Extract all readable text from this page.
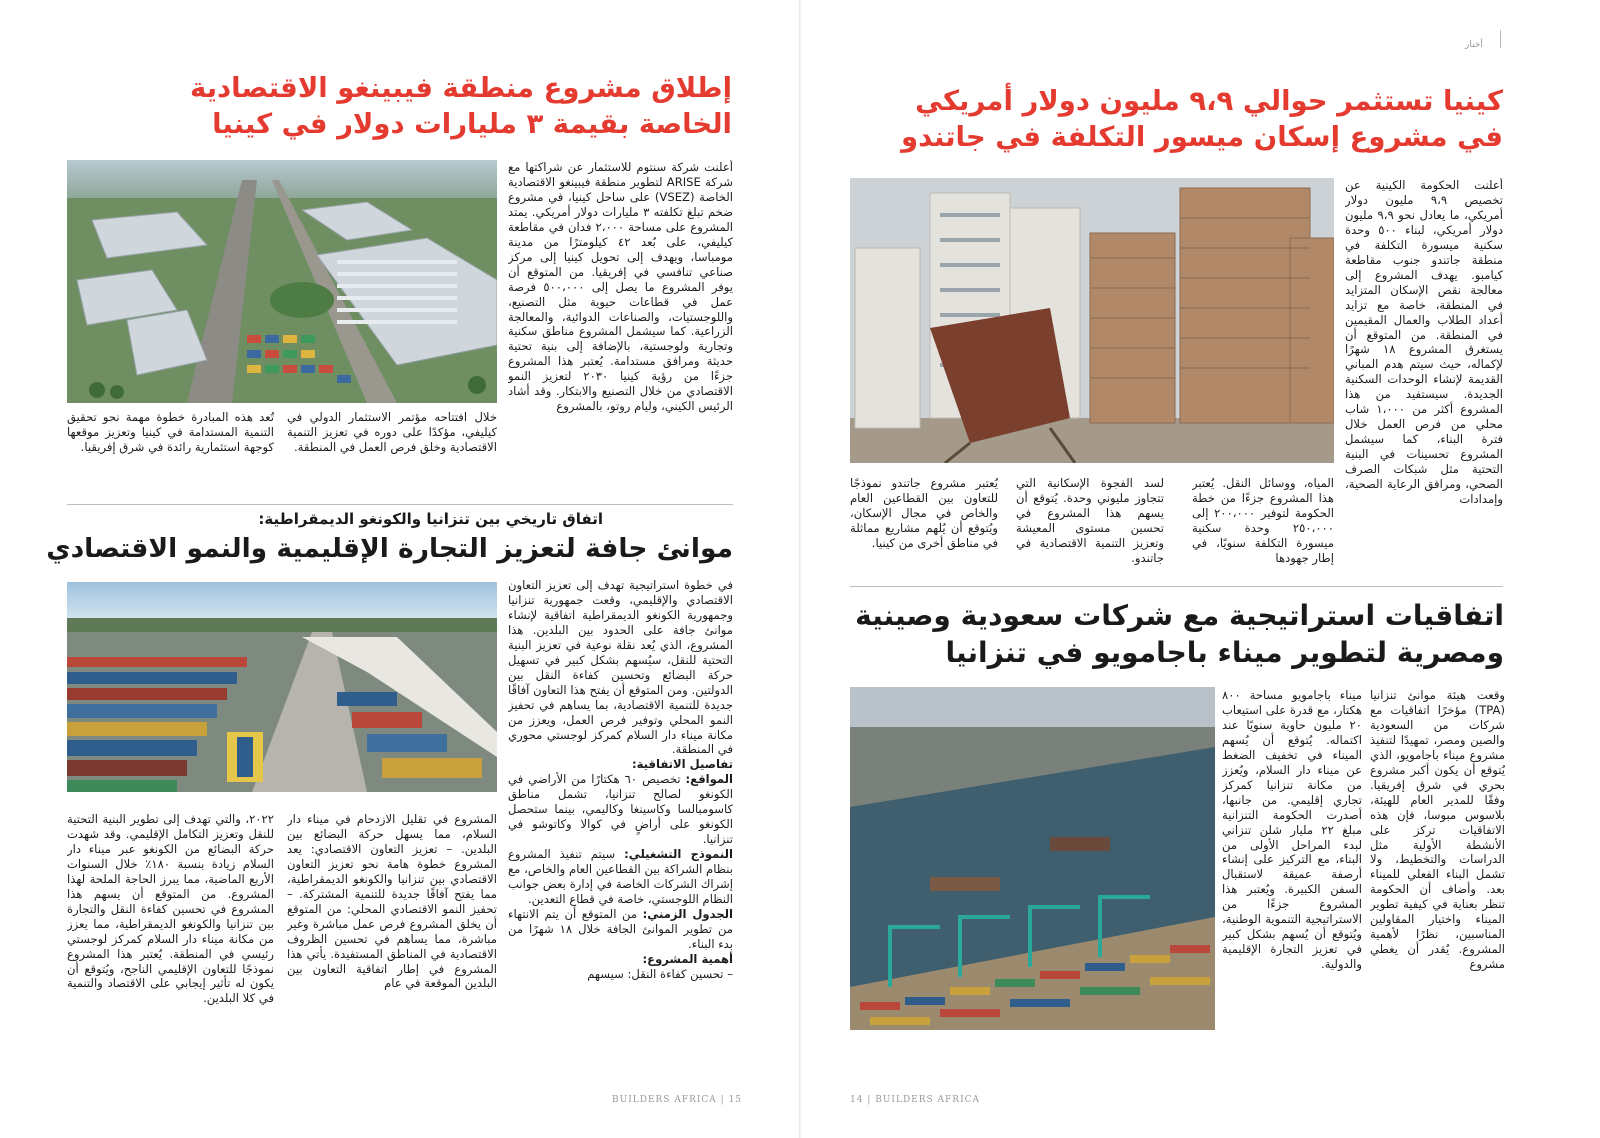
إطلاق مشروع منطقة فيبينغو الاقتصادية
الخاصة بقيمة ٣ مليارات دولار في كينيا

أعلنت شركة سنتوم للاستثمار عن شراكتها مع شركة ARISE لتطوير منطقة فيبينغو الاقتصادية الخاصة (VSEZ) على ساحل كينيا، في مشروع ضخم تبلغ تكلفته ٣ مليارات دولار أمريكي. يمتد المشروع على مساحة ٢،٠٠٠ فدان في مقاطعة كيليفي، على بُعد ٤٢ كيلومترًا من مدينة مومباسا، ويهدف إلى تحويل كينيا إلى مركز صناعي تنافسي في إفريقيا. من المتوقع أن يوفر المشروع ما يصل إلى ٥٠٠،٠٠٠ فرصة عمل في قطاعات حيوية مثل التصنيع، واللوجستيات، والصناعات الدوائية، والمعالجة الزراعية. كما سيشمل المشروع مناطق سكنية وتجارية ولوجستية، بالإضافة إلى بنية تحتية حديثة ومرافق مستدامة. يُعتبر هذا المشروع جزءًا من رؤية كينيا ٢٠٣٠ لتعزيز النمو الاقتصادي من خلال التصنيع والابتكار. وقد أشاد الرئيس الكيني، وليام روتو، بالمشروع

خلال افتتاحه مؤتمر الاستثمار الدولي في كيليفي، مؤكدًا على دوره في تعزيز التنمية الاقتصادية وخلق فرص العمل في المنطقة.

تُعد هذه المبادرة خطوة مهمة نحو تحقيق التنمية المستدامة في كينيا وتعزيز موقعها كوجهة استثمارية رائدة في شرق إفريقيا.

اتفاق تاريخي بين تنزانيا والكونغو الديمقراطية:
موانئ جافة لتعزيز التجارة الإقليمية والنمو الاقتصادي

في خطوة استراتيجية تهدف إلى تعزيز التعاون الاقتصادي والإقليمي، وقعت جمهورية تنزانيا وجمهورية الكونغو الديمقراطية اتفاقية لإنشاء موانئ جافة على الحدود بين البلدين. هذا المشروع، الذي يُعد نقلة نوعية في تعزيز البنية التحتية للنقل، سيُسهم بشكل كبير في تسهيل حركة البضائع وتحسين كفاءة النقل بين الدولتين. ومن المتوقع أن يفتح هذا التعاون آفاقًا جديدة للتنمية الاقتصادية، بما يساهم في تحفيز النمو المحلي وتوفير فرص العمل، ويعزز من مكانة ميناء دار السلام كمركز لوجستي محوري في المنطقة.

تفاصيل الاتفاقية:

المواقع: تخصيص ٦٠ هكتارًا من الأراضي في الكونغو لصالح تنزانيا، تشمل مناطق كاسومبالسا وكاسينغا وكاليمي، بينما ستحصل الكونغو على أراضٍ في كوالا وكاتوشو في تنزانيا.

النموذج التشغيلي: سيتم تنفيذ المشروع بنظام الشراكة بين القطاعين العام والخاص، مع إشراك الشركات الخاصة في إدارة بعض جوانب النظام اللوجستي، خاصة في قطاع التعدين.

الجدول الزمني: من المتوقع أن يتم الانتهاء من تطوير الموانئ الجافة خلال ١٨ شهرًا من بدء البناء.

أهمية المشروع:

– تحسين كفاءة النقل: سيسهم

المشروع في تقليل الازدحام في ميناء دار السلام، مما يسهل حركة البضائع بين البلدين. – تعزيز التعاون الاقتصادي: يعد المشروع خطوة هامة نحو تعزيز التعاون الاقتصادي بين تنزانيا والكونغو الديمقراطية، مما يفتح آفاقًا جديدة للتنمية المشتركة. – تحفيز النمو الاقتصادي المحلي: من المتوقع أن يخلق المشروع فرص عمل مباشرة وغير مباشرة، مما يساهم في تحسين الظروف الاقتصادية في المناطق المستفيدة. يأتي هذا المشروع في إطار اتفاقية التعاون بين البلدين الموقعة في عام

٢٠٢٢، والتي تهدف إلى تطوير البنية التحتية للنقل وتعزيز التكامل الإقليمي. وقد شهدت حركة البضائع من الكونغو عبر ميناء دار السلام زيادة بنسبة ١٨٠٪ خلال السنوات الأربع الماضية، مما يبرز الحاجة الملحة لهذا المشروع. من المتوقع أن يسهم هذا المشروع في تحسين كفاءة النقل والتجارة بين تنزانيا والكونغو الديمقراطية، مما يعزز من مكانة ميناء دار السلام كمركز لوجستي رئيسي في المنطقة. يُعتبر هذا المشروع نموذجًا للتعاون الإقليمي الناجح، ويُتوقع أن يكون له تأثير إيجابي على الاقتصاد والتنمية في كلا البلدين.

BUILDERS AFRICA | 15
أخبار
كينيا تستثمر حوالي ٩،٩ مليون دولار أمريكي
في مشروع إسكان ميسور التكلفة في جاتندو

أعلنت الحكومة الكينية عن تخصيص ٩،٩ مليون دولار أمريكي، ما يعادل نحو ٩،٩ مليون دولار أمريكي، لبناء ٥٠٠ وحدة سكنية ميسورة التكلفة في منطقة جاتندو جنوب مقاطعة كيامبو. يهدف المشروع إلى معالجة نقص الإسكان المتزايد في المنطقة، خاصة مع تزايد أعداد الطلاب والعمال المقيمين في المنطقة. من المتوقع أن يستغرق المشروع ١٨ شهرًا لإكماله، حيث سيتم هدم المباني القديمة لإنشاء الوحدات السكنية الجديدة. سيستفيد من هذا المشروع أكثر من ١،٠٠٠ شاب محلي من فرص العمل خلال فترة البناء، كما سيشمل المشروع تحسينات في البنية التحتية مثل شبكات الصرف الصحي، ومرافق الرعاية الصحية، وإمدادات

المياه، ووسائل النقل. يُعتبر هذا المشروع جزءًا من خطة الحكومة لتوفير ٢٠٠،٠٠٠ إلى ٢٥٠،٠٠٠ وحدة سكنية ميسورة التكلفة سنويًا، في إطار جهودها

لسد الفجوة الإسكانية التي تتجاوز مليوني وحدة. يُتوقع أن يسهم هذا المشروع في تحسين مستوى المعيشة وتعزيز التنمية الاقتصادية في جاتندو.

يُعتبر مشروع جاتندو نموذجًا للتعاون بين القطاعين العام والخاص في مجال الإسكان، ويُتوقع أن يُلهم مشاريع مماثلة في مناطق أخرى من كينيا.

اتفاقيات استراتيجية مع شركات سعودية وصينية
ومصرية لتطوير ميناء باجامويو في تنزانيا

ميناء باجامويو مساحة ٨٠٠ هكتار، مع قدرة على استيعاب ٢٠ مليون حاوية سنويًا عند اكتماله. يُتوقع أن يُسهم الميناء في تخفيف الضغط عن ميناء دار السلام، ويُعزز من مكانة تنزانيا كمركز تجاري إقليمي. من جانبها، أصدرت الحكومة التنزانية مبلغ ٢٢ مليار شلن تنزاني لبدء المراحل الأولى من البناء، مع التركيز على إنشاء أرصفة عميقة لاستقبال السفن الكبيرة. ويُعتبر هذا المشروع جزءًا من الاستراتيجية التنموية الوطنية، ويُتوقع أن يُسهم بشكل كبير في تعزيز التجارة الإقليمية والدولية.

وقعت هيئة موانئ تنزانيا (TPA) مؤخرًا اتفاقيات مع شركات من السعودية والصين ومصر، تمهيدًا لتنفيذ مشروع ميناء باجامويو، الذي يُتوقع أن يكون أكبر مشروع بحري في شرق إفريقيا. وفقًا للمدير العام للهيئة، بلاسوس مبوسا، فإن هذه الاتفاقيات تركز على الأنشطة الأولية مثل الدراسات والتخطيط، ولا تشمل البناء الفعلي للميناء بعد. وأضاف أن الحكومة تنظر بعناية في كيفية تطوير الميناء واختيار المقاولين المناسبين، نظرًا لأهمية المشروع. يُقدر أن يغطي مشروع

14 | BUILDERS AFRICA
